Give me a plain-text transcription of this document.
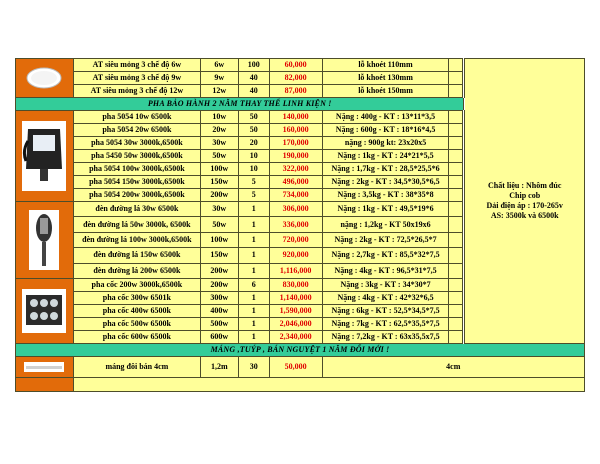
	AT siêu mỏng 3 chế độ 6w	6w	100	60,000	lỗ khoét 110mm		Chất liệu : Nhôm đúc
Chip cob
Dải điện áp : 170-265v
AS: 3500k và 6500k

	AT siêu mỏng 3 chế độ 9w	9w	40	82,000	lỗ khoét 130mm		
	AT siêu mỏng 3 chế độ 12w	12w	40	87,000	lỗ khoét 150mm		
PHA BẢO HÀNH 2 NĂM THAY THẾ LINH KIỆN !							

	pha 5054 10w 6500k	10w	50	140,000	Nặng : 400g - KT : 13*11*3,5		
	pha 5054 20w 6500k	20w	50	160,000	Nặng : 600g - KT : 18*16*4,5		
	pha 5054 30w 3000k,6500k	30w	20	170,000	nặng : 900g kt: 23x20x5		
	pha 5450 50w 3000k,6500k	50w	10	190,000	Nặng : 1kg - KT : 24*21*5,5		
	pha 5054 100w 3000k,6500k	100w	10	322,000	Nặng : 1,7kg - KT : 28,5*25,5*6		
	pha 5054 150w 3000k,6500k	150w	5	496,000	Nặng : 2kg - KT : 34,5*30,5*6,5		
	pha 5054 200w 3000k,6500k	200w	5	734,000	Nặng : 3,5kg - KT : 38*35*8		

	đèn đường lá 30w 6500k	30w	1	306,000	Nặng : 1kg - KT : 49,5*19*6		
	đèn đường lá 50w 3000k, 6500k	50w	1	336,000	nặng : 1,2kg - KT 50x19x6		
	đèn đường lá 100w 3000k,6500k	100w	1	720,000	Nặng : 2kg - KT : 72,5*26,5*7		
	đèn đường lá 150w 6500k	150w	1	920,000	Nặng : 2,7kg - KT : 85,5*32*7,5		
	đèn đường lá 200w 6500k	200w	1	1,116,000	Nặng : 4kg - KT : 96,5*31*7,5		

	pha cốc 200w 3000k,6500k	200w	6	830,000	Nặng : 3kg - KT : 34*30*7		
	pha cốc 300w 6501k	300w	1	1,140,000	Nặng : 4kg - KT : 42*32*6,5		
	pha cốc 400w 6500k	400w	1	1,590,000	Nặng : 6kg - KT : 52,5*34,5*7,5		
	pha cốc 500w 6500k	500w	1	2,046,000	Nặng : 7kg - KT : 62,5*35,5*7,5		
	pha cốc 600w 6500k	600w	1	2,340,000	Nặng : 7,2kg - KT : 63x35,5x7,5		
MÁNG ,TUÝP , BÁN NGUYỆT 1 NĂM ĐỔI MỚI !							

	máng đôi bán 4cm	1,2m	30	50,000	4cm		
